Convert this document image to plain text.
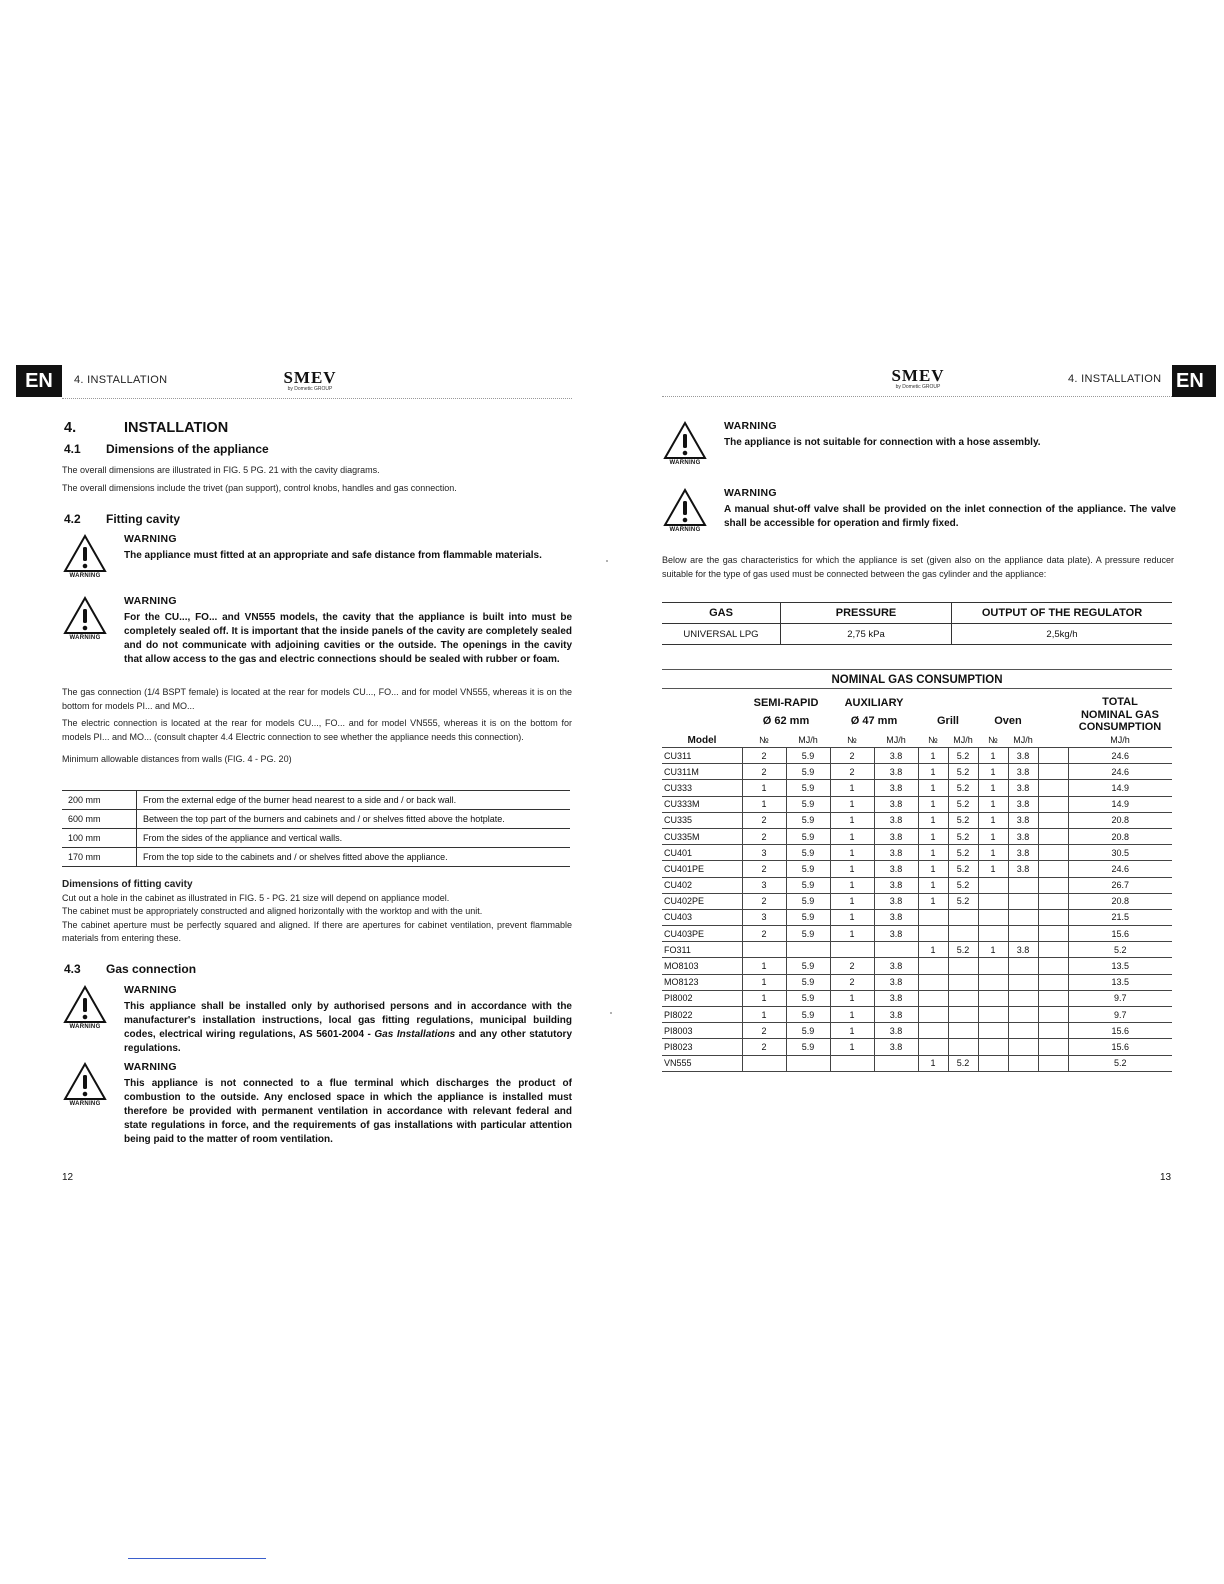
EN	4. INSTALLATION	SMEV
by Dometic GROUP
4.	INSTALLATION
4.1 Dimensions of the appliance

The overall dimensions are illustrated in FIG. 5 PG. 21 with the cavity diagrams.

The overall dimensions include the trivet (pan support), control knobs, handles and gas connection.

4.2 Fitting cavity
WARNING
WARNING
The appliance must fitted at an appropriate and safe distance from flammable materials.
WARNING
WARNING
For the CU..., FO... and VN555 models, the cavity that the appliance is built into must be completely sealed off. It is important that the inside panels of the cavity are completely sealed and do not communicate with adjoining cavities or the outside. The openings in the cavity that allow access to the gas and electric connections should be sealed with rubber or foam.

The gas connection (1/4 BSPT female) is located at the rear for models CU..., FO... and for model VN555, whereas it is on the bottom for models PI... and MO...

The electric connection is located at the rear for models CU..., FO... and for model VN555, whereas it is on the bottom for models PI... and MO... (consult chapter 4.4 Electric connection to see whether the appliance needs this connection).

Minimum allowable distances from walls (FIG. 4 - PG. 20)

200 mm	From the external edge of the burner head nearest to a side and / or back wall.
600 mm	Between the top part of the burners and cabinets and / or shelves fitted above the hotplate.
100 mm	From the sides of the appliance and vertical walls.
170 mm	From the top side to the cabinets and / or shelves fitted above the appliance.

Dimensions of fitting cavity

Cut out a hole in the cabinet as illustrated in FIG. 5 - PG. 21 size will depend on appliance model.

The cabinet must be appropriately constructed and aligned horizontally with the worktop and with the unit.

The cabinet aperture must be perfectly squared and aligned. If there are apertures for cabinet ventilation, prevent flammable materials from entering these.

4.3 Gas connection
WARNING
WARNING
This appliance shall be installed only by authorised persons and in accordance with the manufacturer's installation instructions, local gas fitting regulations, municipal building codes, electrical wiring regulations, AS 5601-2004 - Gas Installations and any other statutory regulations.
WARNING
WARNING
This appliance is not connected to a flue terminal which discharges the product of combustion to the outside. Any enclosed space in which the appliance is installed must therefore be provided with permanent ventilation in accordance with relevant federal and state regulations in force, and the requirements of gas installations with particular attention being paid to the matter of room ventilation.
12
SMEV
by Dometic GROUP
4. INSTALLATION EN
WARNING
WARNING
The appliance is not suitable for connection with a hose assembly.
WARNING
WARNING
A manual shut-off valve shall be provided on the inlet connection of the appliance. The valve shall be accessible for operation and firmly fixed.
Below are the gas characteristics for which the appliance is set (given also on the appliance data plate). A pressure reducer suitable for the type of gas used must be connected between the gas cylinder and the appliance:
GAS	PRESSURE	OUTPUT OF THE REGULATOR
UNIVERSAL LPG	2,75 kPa	2,5kg/h
NOMINAL GAS CONSUMPTION										
	SEMI-RAPID		AUXILIARY							TOTAL
	Ø 62 mm		Ø 47 mm		Grill		Oven			NOMINAL GAS
CONSUMPTION

Model	№	MJ/h	№	MJ/h	№	MJ/h	№	MJ/h		MJ/h
CU311	2	5.9	2	3.8	1	5.2	1	3.8		24.6
CU311M	2	5.9	2	3.8	1	5.2	1	3.8		24.6
CU333	1	5.9	1	3.8	1	5.2	1	3.8		14.9
CU333M	1	5.9	1	3.8	1	5.2	1	3.8		14.9
CU335	2	5.9	1	3.8	1	5.2	1	3.8		20.8
CU335M	2	5.9	1	3.8	1	5.2	1	3.8		20.8
CU401	3	5.9	1	3.8	1	5.2	1	3.8		30.5
CU401PE	2	5.9	1	3.8	1	5.2	1	3.8		24.6
CU402	3	5.9	1	3.8	1	5.2				26.7
CU402PE	2	5.9	1	3.8	1	5.2				20.8
CU403	3	5.9	1	3.8						21.5
CU403PE	2	5.9	1	3.8						15.6
FO311					1	5.2	1	3.8		5.2
MO8103	1	5.9	2	3.8						13.5
MO8123	1	5.9	2	3.8						13.5
PI8002	1	5.9	1	3.8						9.7
PI8022	1	5.9	1	3.8						9.7
PI8003	2	5.9	1	3.8						15.6
PI8023	2	5.9	1	3.8						15.6
VN555					1	5.2				5.2
13
